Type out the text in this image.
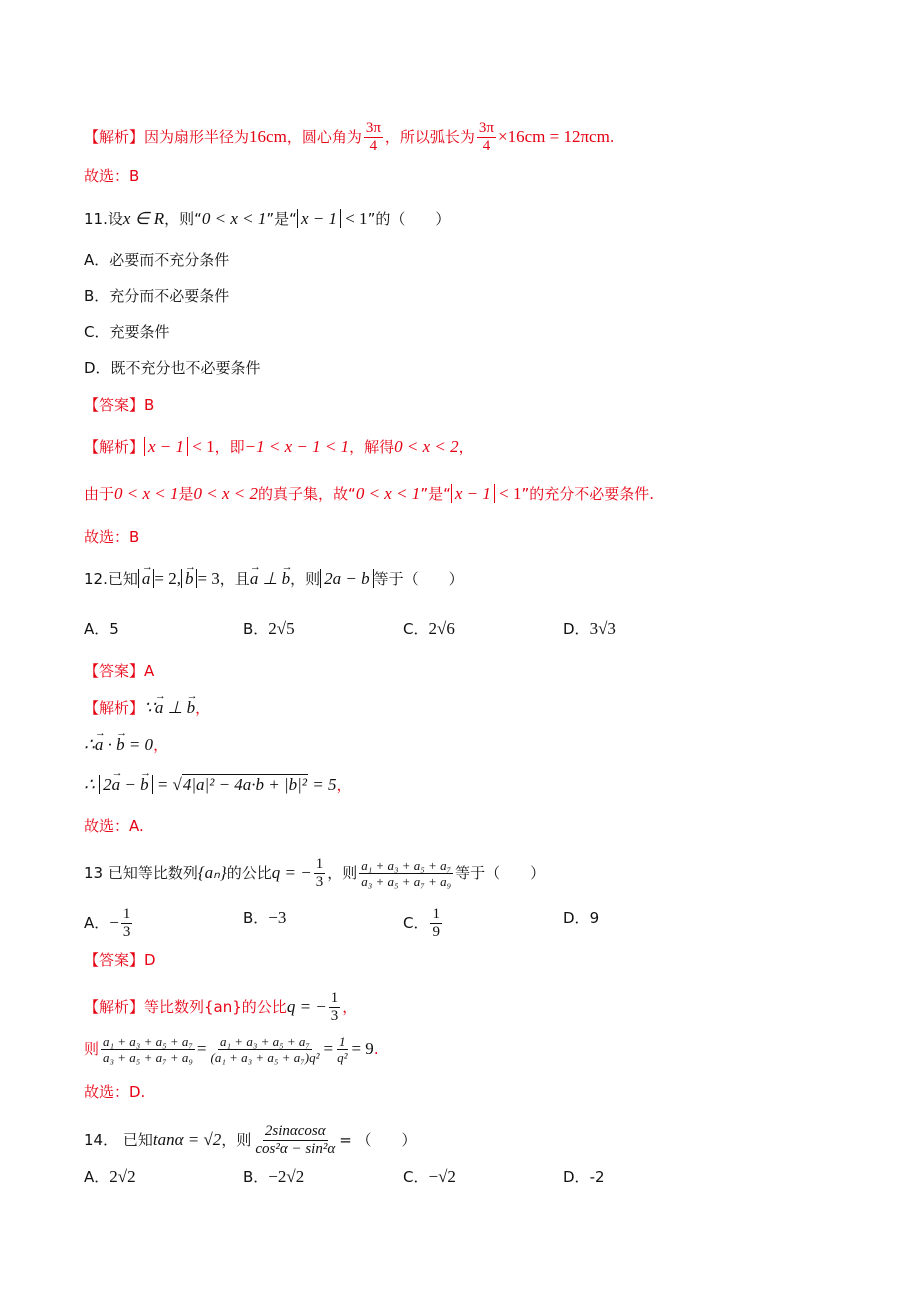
【解析】因为扇形半径为16cm，圆心角为 $\frac{3\pi}{4}$ ，所以弧长为 $\frac{3\pi}{4} \times 16cm = 12\pi cm$.
故选：B
11.设x ∈ R，则“0 < x < 1”是“ x − 1 < 1”的（　　）
A．必要而不充分条件
B．充分而不必要条件
C．充要条件
D．既不充分也不必要条件
【答案】B
【解析】 x − 1 < 1，即−1 < x − 1 < 1，解得0 < x < 2，
由于0 < x < 1是0 < x < 2的真子集，故“0 < x < 1”是“ x − 1 < 1”的充分不必要条件.
故选：B
12.已知 → a = 2, → b = 3，且→ a ⊥ → b，则 2a − b 等于（　　）
A．5	B．2√5	C．2√6	D．3√3
【答案】A
【解析】∵→ a ⊥ → b，
∴→ a · → b = 0，
∴ 2→ a − → b = √4|a|² − 4a·b + |b|² = 5，
故选：A.
13 已知等比数列{aₙ}的公比q = − $\frac{1}{3}$ ，则 $\frac{\text{a₁ + a₃ + a₅ + a₇}}{\text{a₃ + a₅ + a₇ + a₉}}$ 等于（　　）
A．− $\frac{1}{3}$	B．−3	C． $\frac{1}{9}$	D．9
【答案】D
【解析】等比数列{an}的公比q = − $\frac{1}{3}$ ，
则 $\frac{\text{a₁ + a₃ + a₅ + a₇}}{\text{a₃ + a₅ + a₇ + a₉}} = \frac{\text{a₁ + a₃ + a₅ + a₇}}{\text{(a₁ + a₃ + a₅ + a₇)q²}} = \frac{1}{\text{q²}} = 9$.
故选：D.
14． 已知tanα = √2，则 $\frac{2\sin\alpha\cos\alpha}{\text{cos²α − sin²α}}$ = （　　）
A．2√2	B．−2√2	C．−√2	D．-2
